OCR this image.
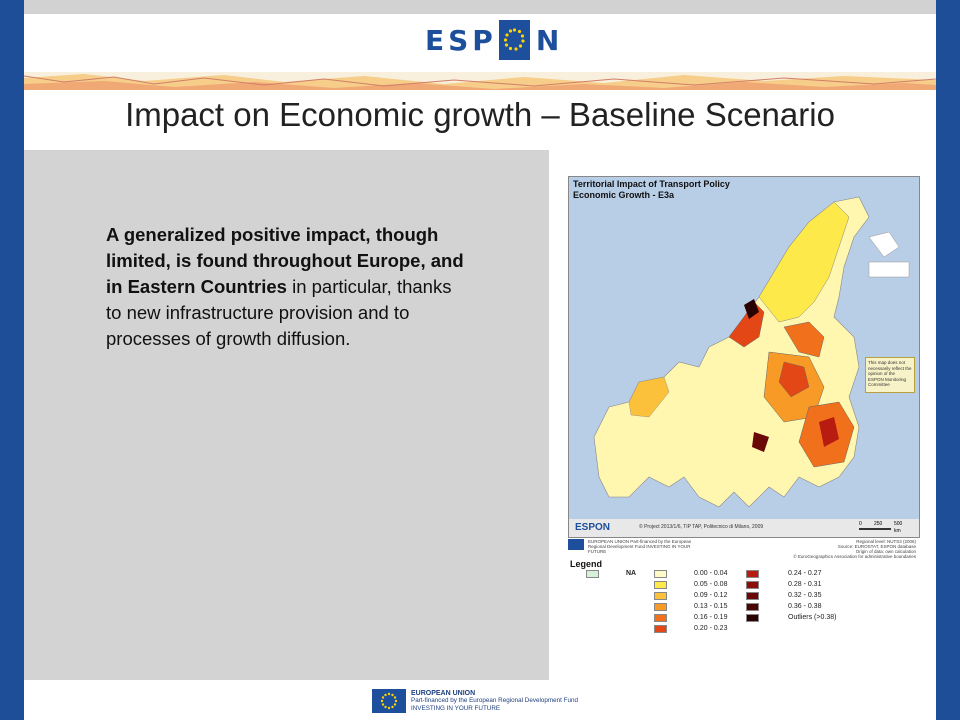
ESP N
Impact on Economic growth – Baseline Scenario
A generalized positive impact, though limited, is found throughout Europe, and in Eastern Countries in particular, thanks to new infrastructure provision and to processes of growth diffusion.
Territorial Impact of Transport Policy
Economic Growth - E3a
This map does not necessarily reflect the opinion of the ESPON Monitoring Committee
ESPON	© Project 2013/1/6, TIP TAP, Politecnico di Milano, 2009	0 250 500
km
EUROPEAN UNION Part-financed by the European Regional Development Fund INVESTING IN YOUR FUTURE
Regional level: NUTS3 (2006)
Source: EUROSTAT, ESPON database
Origin of data: own calculation
© EuroGeographics Association for administrative boundaries
Legend
NA	0.00 - 0.04
0.05 - 0.08
0.09 - 0.12
0.13 - 0.15
0.16 - 0.19
0.20 - 0.23
0.24 - 0.27
0.28 - 0.31
0.32 - 0.35
0.36 - 0.38
Outliers (>0.38)
EUROPEAN UNION
Part-financed by the European Regional Development Fund
INVESTING IN YOUR FUTURE
